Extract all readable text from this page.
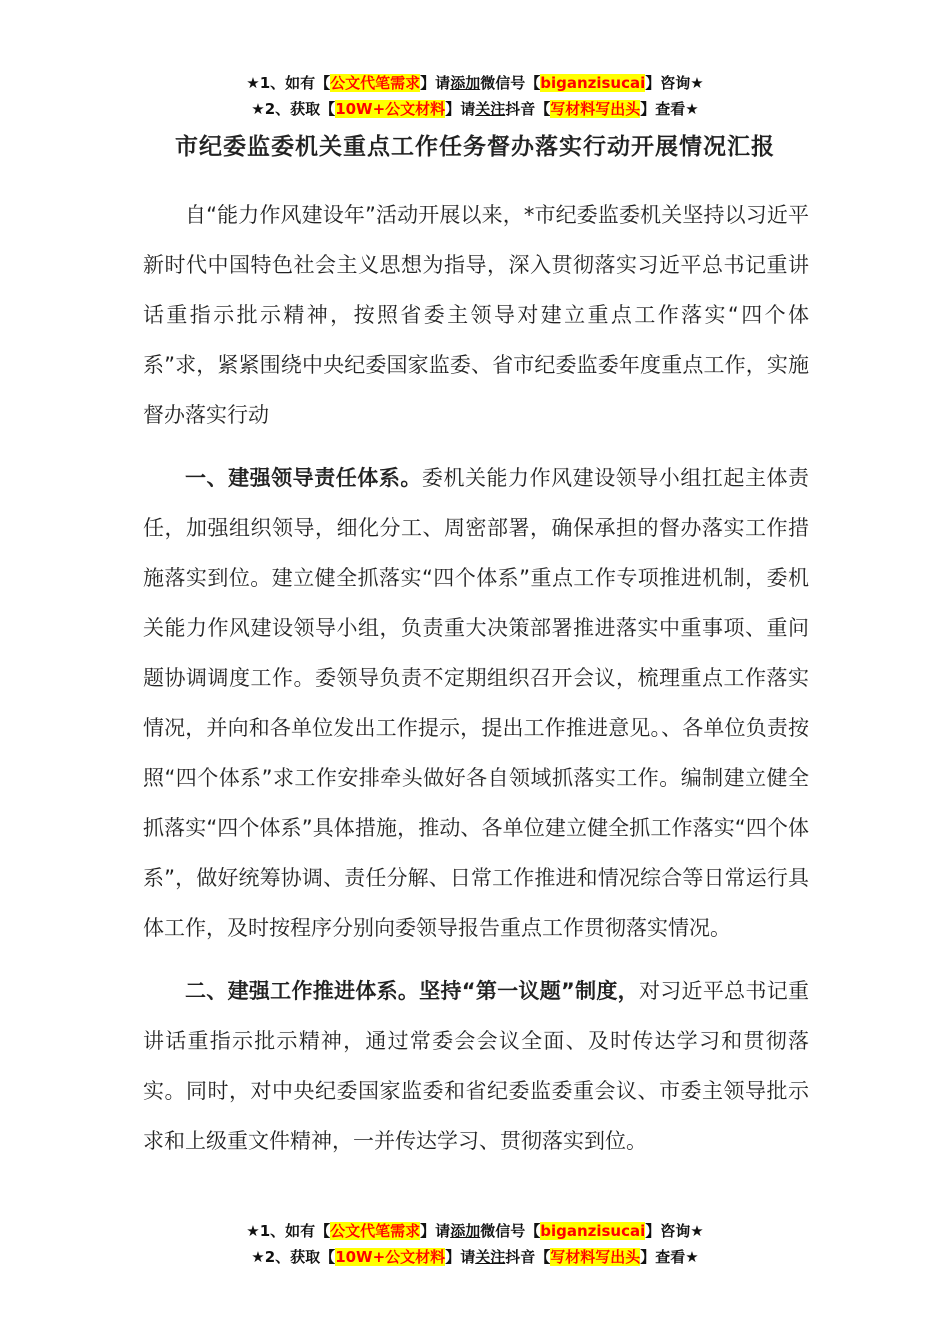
★1、如有【公文代笔需求】请添加微信号【biganzisucai】咨询★
★2、获取【10W+公文材料】请关注抖音【写材料写出头】查看★
市纪委监委机关重点工作任务督办落实行动开展情况汇报

自“能力作风建设年”活动开展以来，*市纪委监委机关坚持以习近平新时代中国特色社会主义思想为指导，深入贯彻落实习近平总书记重讲话重指示批示精神，按照省委主领导对建立重点工作落实“四个体系”求，紧紧围绕中央纪委国家监委、省市纪委监委年度重点工作，实施督办落实行动

一、建强领导责任体系。委机关能力作风建设领导小组扛起主体责任，加强组织领导，细化分工、周密部署，确保承担的督办落实工作措施落实到位。建立健全抓落实“四个体系”重点工作专项推进机制，委机关能力作风建设领导小组，负责重大决策部署推进落实中重事项、重问题协调调度工作。委领导负责不定期组织召开会议，梳理重点工作落实情况，并向和各单位发出工作提示，提出工作推进意见。、各单位负责按照“四个体系”求工作安排牵头做好各自领域抓落实工作。编制建立健全抓落实“四个体系”具体措施，推动、各单位建立健全抓工作落实“四个体系”，做好统筹协调、责任分解、日常工作推进和情况综合等日常运行具体工作，及时按程序分别向委领导报告重点工作贯彻落实情况。

二、建强工作推进体系。坚持“第一议题”制度，对习近平总书记重讲话重指示批示精神，通过常委会会议全面、及时传达学习和贯彻落实。同时，对中央纪委国家监委和省纪委监委重会议、市委主领导批示求和上级重文件精神，一并传达学习、贯彻落实到位。

★1、如有【公文代笔需求】请添加微信号【biganzisucai】咨询★
★2、获取【10W+公文材料】请关注抖音【写材料写出头】查看★
